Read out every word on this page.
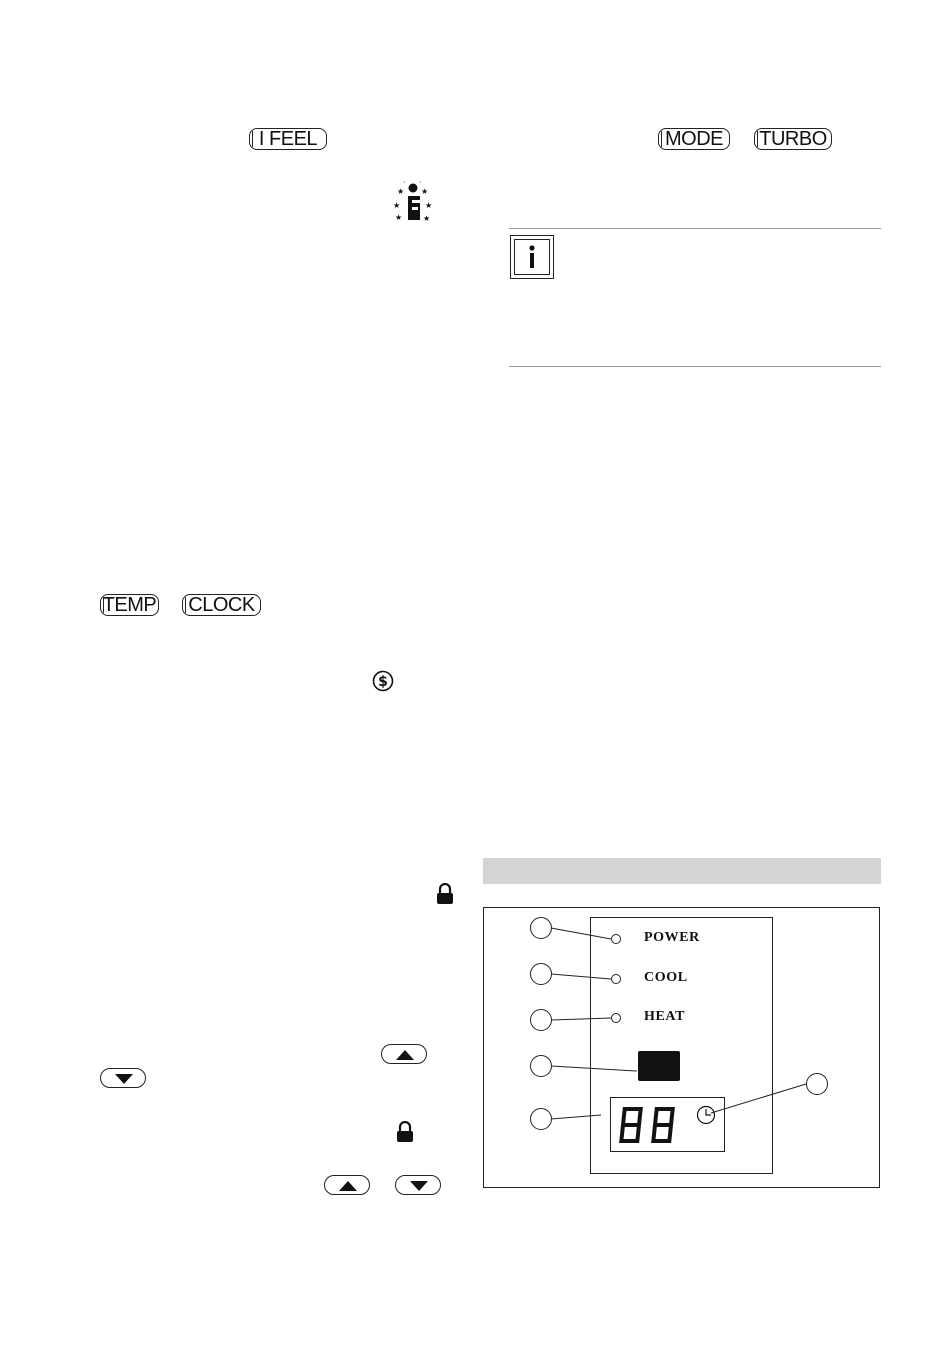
I FEEL	MODE	TURBO
★ ★
★	★
★	★
· ·
TEMP	CLOCK
$
POWER
COOL
HEAT
